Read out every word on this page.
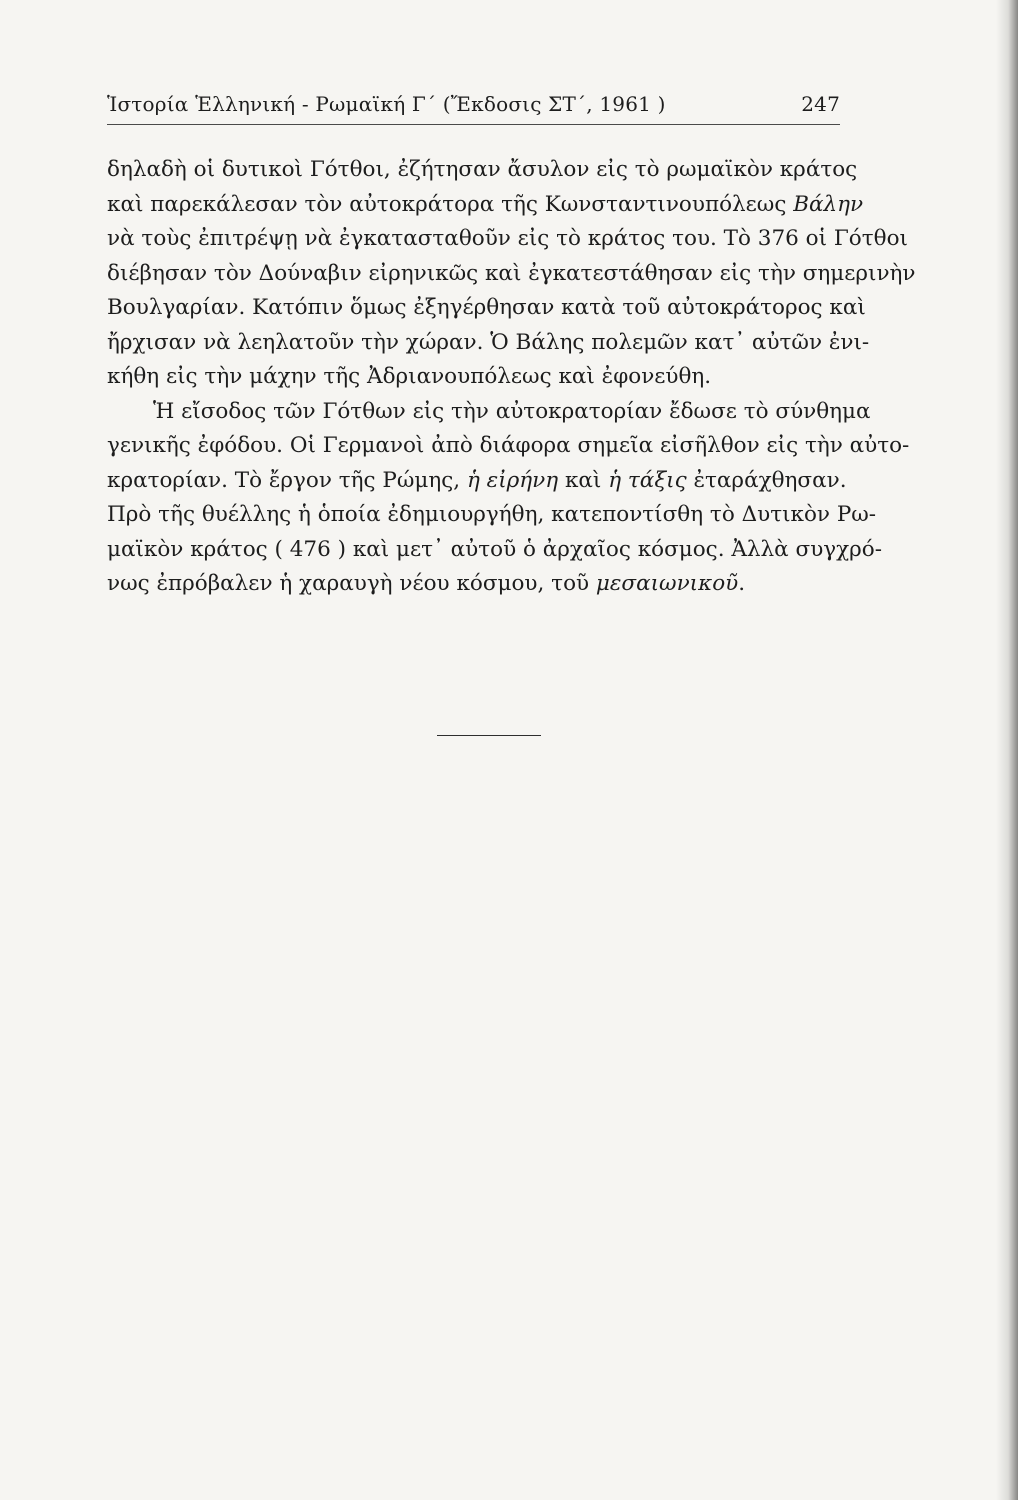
Ἱστορία Ἑλληνική - Ρωμαϊκή Γ΄ (Ἔκδοσις ΣΤ΄, 1961 )	247
δηλαδὴ οἱ δυτικοὶ Γότθοι, ἐζήτησαν ἄσυλον εἰς τὸ ρωμαϊκὸν κράτος
καὶ παρεκάλεσαν τὸν αὐτοκράτορα τῆς Κωνσταντινουπόλεως Βάλην
νὰ τοὺς ἐπιτρέψῃ νὰ ἐγκατασταθοῦν εἰς τὸ κράτος του. Τὸ 376 οἱ Γότθοι
διέβησαν τὸν Δούναβιν εἰρηνικῶς καὶ ἐγκατεστάθησαν εἰς τὴν σημερινὴν
Βουλγαρίαν. Κατόπιν ὅμως ἐξηγέρθησαν κατὰ τοῦ αὐτοκράτορος καὶ
ἤρχισαν νὰ λεηλατοῦν τὴν χώραν. Ὁ Βάλης πολεμῶν κατ᾿ αὐτῶν ἐνι-
κήθη εἰς τὴν μάχην τῆς Ἀδριανουπόλεως καὶ ἐφονεύθη.
Ἡ εἴσοδος τῶν Γότθων εἰς τὴν αὐτοκρατορίαν ἔδωσε τὸ σύνθημα
γενικῆς ἐφόδου. Οἱ Γερμανοὶ ἀπὸ διάφορα σημεῖα εἰσῆλθον εἰς τὴν αὐτο-
κρατορίαν. Τὸ ἔργον τῆς Ρώμης, ἡ εἰρήνη καὶ ἡ τάξις ἐταράχθησαν.
Πρὸ τῆς θυέλλης ἡ ὁποία ἐδημιουργήθη, κατεποντίσθη τὸ Δυτικὸν Ρω-
μαϊκὸν κράτος ( 476 ) καὶ μετ᾿ αὐτοῦ ὁ ἀρχαῖος κόσμος. Ἀλλὰ συγχρό-
νως ἐπρόβαλεν ἡ χαραυγὴ νέου κόσμου, τοῦ μεσαιωνικοῦ.
